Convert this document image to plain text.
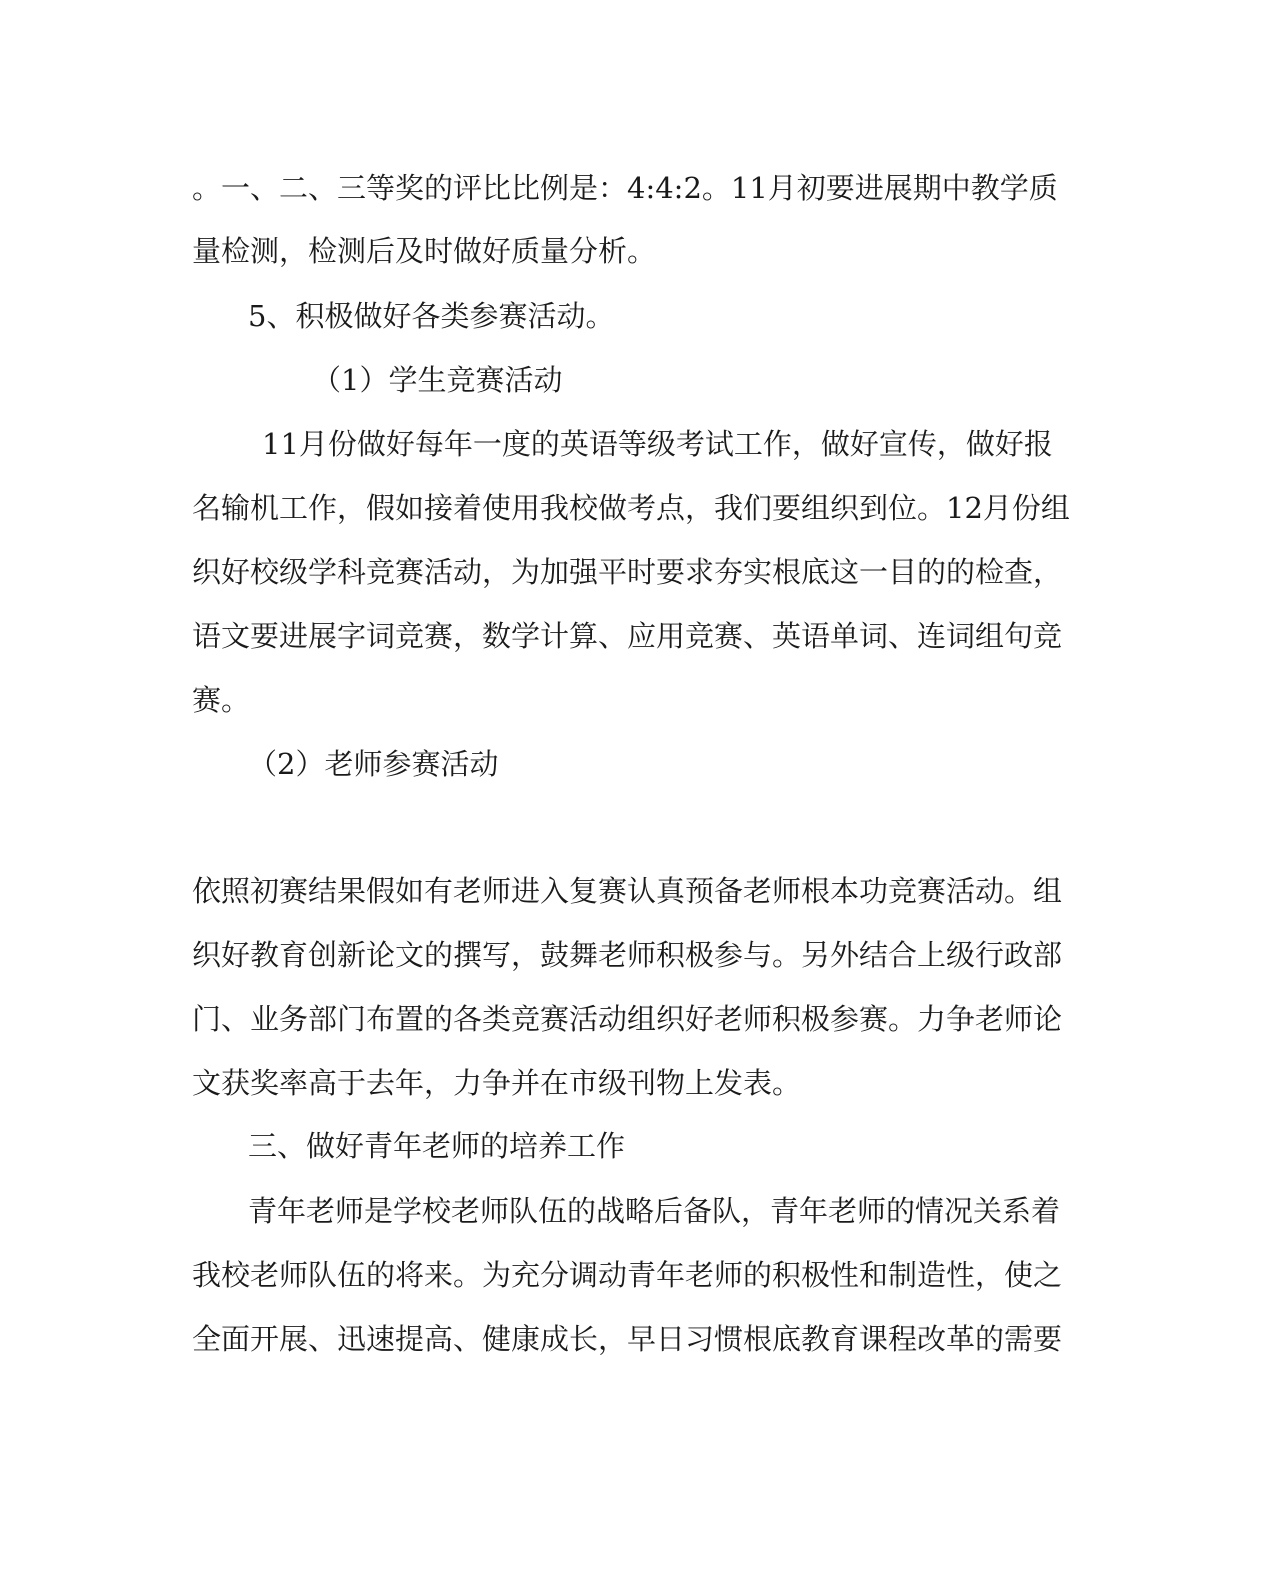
。一、二、三等奖的评比比例是：4:4:2。11月初要进展期中教学质
量检测，检测后及时做好质量分析。
5、积极做好各类参赛活动。
（1）学生竞赛活动
11月份做好每年一度的英语等级考试工作，做好宣传，做好报
名输机工作，假如接着使用我校做考点，我们要组织到位。12月份组
织好校级学科竞赛活动，为加强平时要求夯实根底这一目的的检查，
语文要进展字词竞赛，数学计算、应用竞赛、英语单词、连词组句竞
赛。
（2）老师参赛活动
依照初赛结果假如有老师进入复赛认真预备老师根本功竞赛活动。组
织好教育创新论文的撰写，鼓舞老师积极参与。另外结合上级行政部
门、业务部门布置的各类竞赛活动组织好老师积极参赛。力争老师论
文获奖率高于去年，力争并在市级刊物上发表。
三、做好青年老师的培养工作
青年老师是学校老师队伍的战略后备队，青年老师的情况关系着
我校老师队伍的将来。为充分调动青年老师的积极性和制造性，使之
全面开展、迅速提高、健康成长，早日习惯根底教育课程改革的需要
